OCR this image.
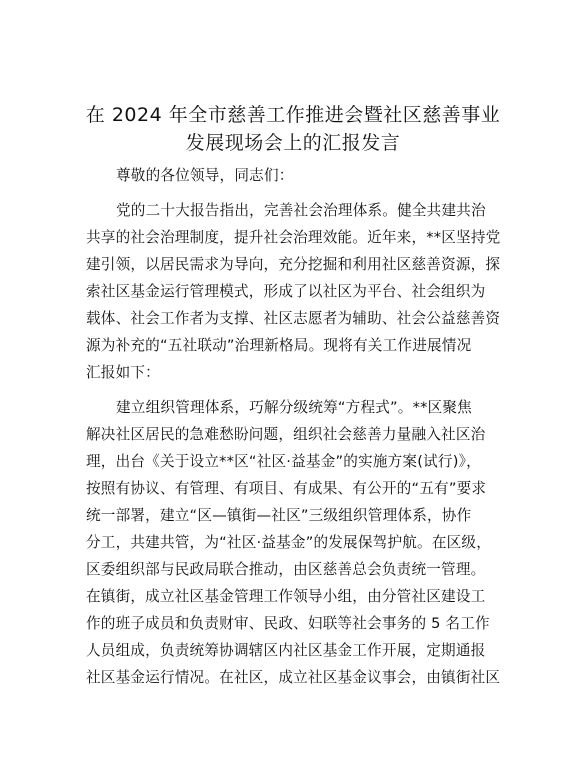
在 2024 年全市慈善工作推进会暨社区慈善事业
发展现场会上的汇报发言
尊敬的各位领导，同志们：
党的二十大报告指出，完善社会治理体系。健全共建共治
共享的社会治理制度，提升社会治理效能。近年来，**区坚持党
建引领，以居民需求为导向，充分挖掘和利用社区慈善资源，探
索社区基金运行管理模式，形成了以社区为平台、社会组织为
载体、社会工作者为支撑、社区志愿者为辅助、社会公益慈善资
源为补充的“五社联动”治理新格局。现将有关工作进展情况
汇报如下：
建立组织管理体系，巧解分级统筹“方程式”。**区聚焦
解决社区居民的急难愁盼问题，组织社会慈善力量融入社区治
理，出台《关于设立**区“社区·益基金”的实施方案(试行)》，
按照有协议、有管理、有项目、有成果、有公开的“五有”要求
统一部署，建立“区—镇街—社区”三级组织管理体系，协作
分工，共建共管，为“社区·益基金”的发展保驾护航。在区级，
区委组织部与民政局联合推动，由区慈善总会负责统一管理。
在镇街，成立社区基金管理工作领导小组，由分管社区建设工
作的班子成员和负责财审、民政、妇联等社会事务的 5 名工作
人员组成，负责统筹协调辖区内社区基金工作开展，定期通报
社区基金运行情况。在社区，成立社区基金议事会，由镇街社区
